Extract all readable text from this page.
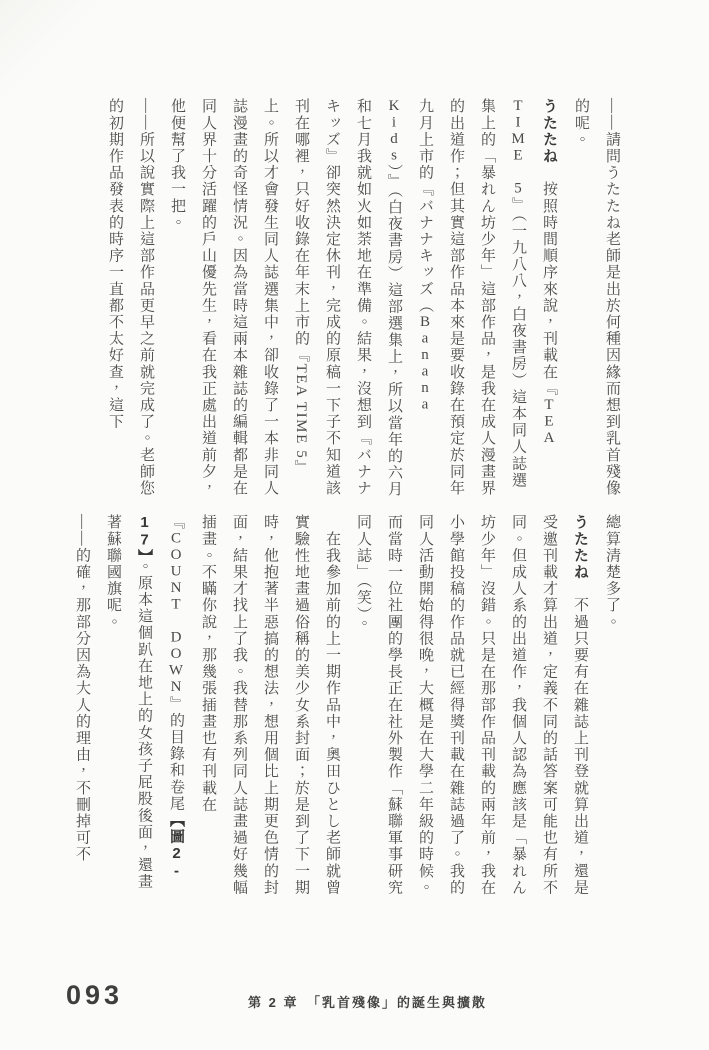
——請問うたたね老師是出於何種因緣而想到乳首殘像的呢。

うたたね　按照時間順序來說，刊載在『TEA TIME 5』（一九八八，白夜書房）這本同人誌選集上的「暴れん坊少年」這部作品，是我在成人漫畫界的出道作；但其實這部作品本來是要收錄在預定於同年九月上市的『バナナキッズ（Banana Kids）』（白夜書房）這部選集上，所以當年的六月和七月我就如火如荼地在準備。結果，沒想到『バナナキッズ』卻突然決定休刊，完成的原稿一下子不知道該刊在哪裡，只好收錄在年末上市的『TEA TIME 5』上。所以才會發生同人誌選集中，卻收錄了一本非同人誌漫畫的奇怪情況。因為當時這兩本雜誌的編輯都是在同人界十分活躍的戶山優先生，看在我正處出道前夕，他便幫了我一把。

——所以說實際上這部作品更早之前就完成了。老師您的初期作品發表的時序一直都不太好查，這下

總算清楚多了。

うたたね　不過只要有在雜誌上刊登就算出道，還是受邀刊載才算出道，定義不同的話答案可能也有所不同。但成人系的出道作，我個人認為應該是「暴れん坊少年」沒錯。只是在那部作品刊載的兩年前，我在小學館投稿的作品就已經得獎刊載在雜誌過了。我的同人活動開始得很晚，大概是在大學二年級的時候。而當時一位社團的學長正在社外製作「蘇聯軍事研究同人誌」（笑）。

　在我參加前的上一期作品中，奧田ひとし老師就曾實驗性地畫過俗稱的美少女系封面；於是到了下一期時，他抱著半惡搞的想法，想用個比上期更色情的封面，結果才找上了我。我替那系列同人誌畫過好幾幅插畫。不瞞你說，那幾張插畫也有刊載在『COUNT DOWN』的目錄和卷尾【圖2-17】。原本這個趴在地上的女孩子屁股後面，還畫著蘇聯國旗呢。

——的確，那部分因為大人的理由，不刪掉可不

093	第 2 章　「乳首殘像」的誕生與擴散
